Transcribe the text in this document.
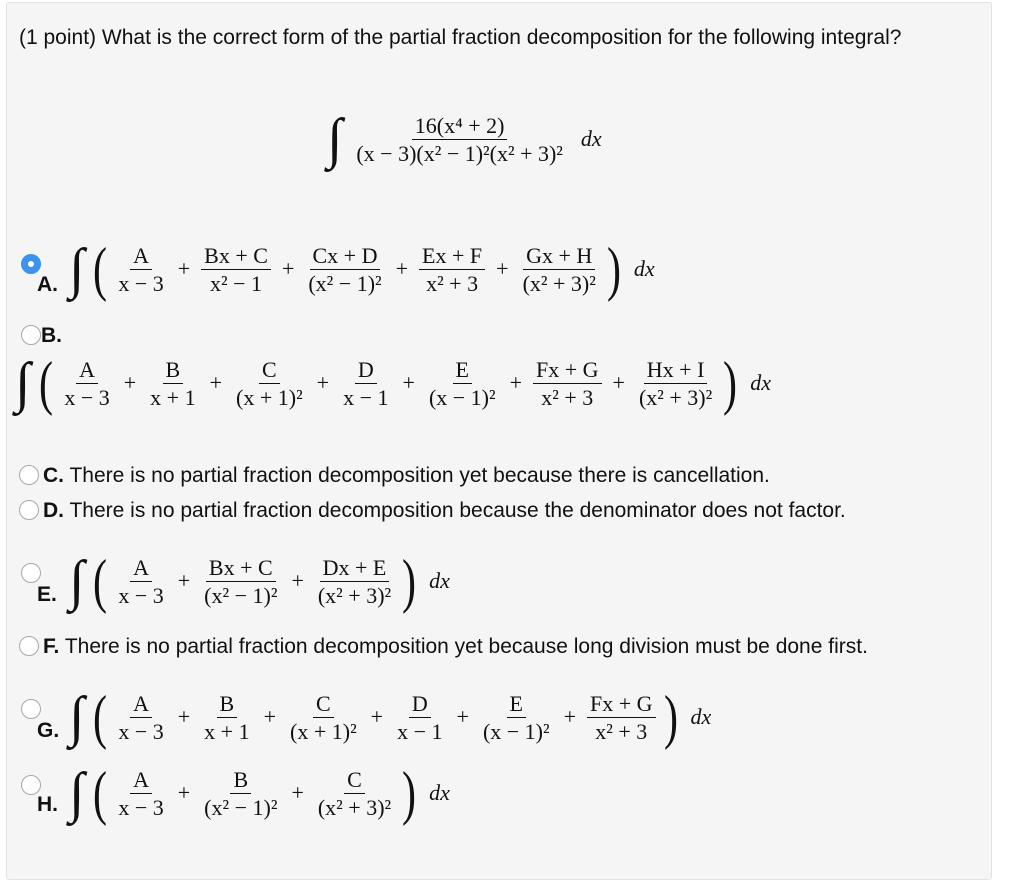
(1 point) What is the correct form of the partial fraction decomposition for the following integral?

∫ $\frac{\text{16(x⁴ + 2)}}{\text{(x − 3)(x² − 1)²(x² + 3)²}}$ dx
A. ∫ ( $\frac{A}{x - 3} + \frac{Bx + C}{\text{x² − 1}} + \frac{Cx + D}{\text{(x² − 1)²}} + \frac{Ex + F}{\text{x² + 3}} + \frac{Gx + H}{\text{(x² + 3)²}}$ ) dx
B.
∫ ( $\frac{A}{x - 3} + \frac{B}{x + 1} + \frac{C}{\text{(x + 1)²}} + \frac{D}{x - 1} + \frac{E}{\text{(x − 1)²}} + \frac{Fx + G}{\text{x² + 3}} + \frac{Hx + I}{\text{(x² + 3)²}}$ ) dx

C. There is no partial fraction decomposition yet because there is cancellation.

D. There is no partial fraction decomposition because the denominator does not factor.

E. ∫ ( $\frac{A}{x - 3} + \frac{Bx + C}{\text{(x² − 1)²}} + \frac{Dx + E}{\text{(x² + 3)²}}$ ) dx

F. There is no partial fraction decomposition yet because long division must be done first.

G. ∫ ( $\frac{A}{x - 3} + \frac{B}{x + 1} + \frac{C}{\text{(x + 1)²}} + \frac{D}{x - 1} + \frac{E}{\text{(x − 1)²}} + \frac{Fx + G}{\text{x² + 3}}$ ) dx
H. ∫ ( $\frac{A}{x - 3} + \frac{B}{\text{(x² − 1)²}} + \frac{C}{\text{(x² + 3)²}}$ ) dx
